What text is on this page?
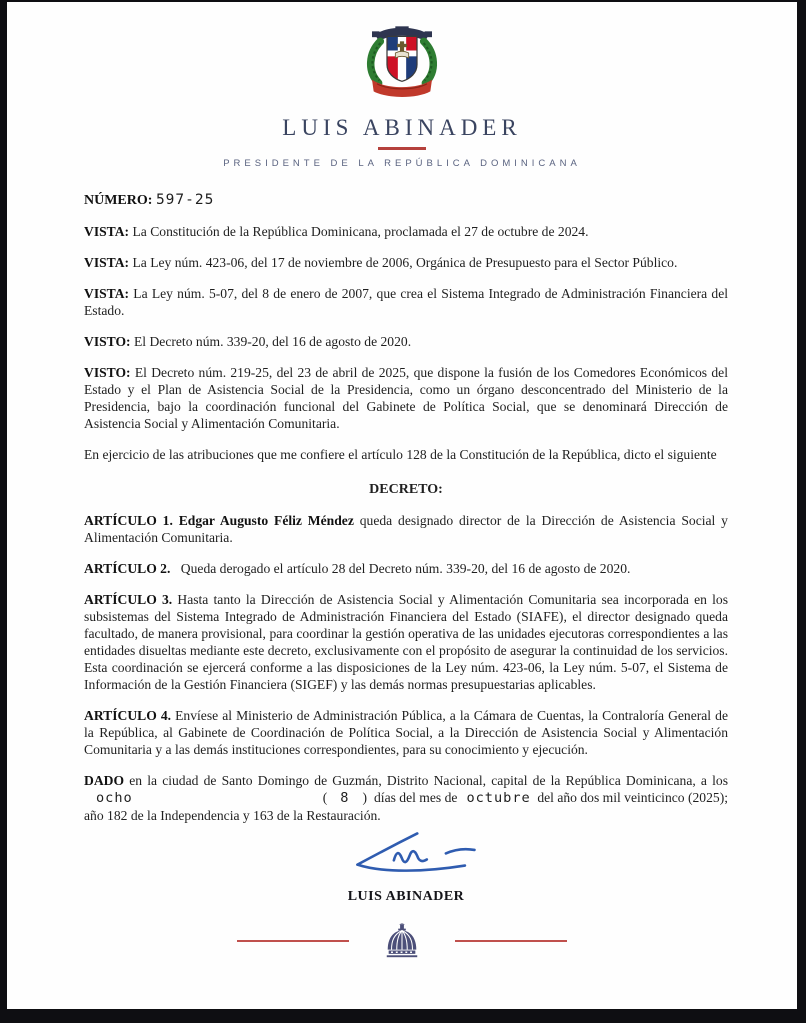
LUIS ABINADER
PRESIDENTE DE LA REPÚBLICA DOMINICANA

NÚMERO: 597-25

VISTA: La Constitución de la República Dominicana, proclamada el 27 de octubre de 2024.

VISTA: La Ley núm. 423-06, del 17 de noviembre de 2006, Orgánica de Presupuesto para el Sector Público.

VISTA: La Ley núm. 5-07, del 8 de enero de 2007, que crea el Sistema Integrado de Administración Financiera del Estado.

VISTO: El Decreto núm. 339-20, del 16 de agosto de 2020.

VISTO: El Decreto núm. 219-25, del 23 de abril de 2025, que dispone la fusión de los Comedores Económicos del Estado y el Plan de Asistencia Social de la Presidencia, como un órgano desconcentrado del Ministerio de la Presidencia, bajo la coordinación funcional del Gabinete de Política Social, que se denominará Dirección de Asistencia Social y Alimentación Comunitaria.

En ejercicio de las atribuciones que me confiere el artículo 128 de la Constitución de la República, dicto el siguiente

DECRETO:

ARTÍCULO 1. Edgar Augusto Féliz Méndez queda designado director de la Dirección de Asistencia Social y Alimentación Comunitaria.

ARTÍCULO 2. Queda derogado el artículo 28 del Decreto núm. 339-20, del 16 de agosto de 2020.

ARTÍCULO 3. Hasta tanto la Dirección de Asistencia Social y Alimentación Comunitaria sea incorporada en los subsistemas del Sistema Integrado de Administración Financiera del Estado (SIAFE), el director designado queda facultado, de manera provisional, para coordinar la gestión operativa de las unidades ejecutoras correspondientes a las entidades disueltas mediante este decreto, exclusivamente con el propósito de asegurar la continuidad de los servicios. Esta coordinación se ejercerá conforme a las disposiciones de la Ley núm. 423-06, la Ley núm. 5-07, el Sistema de Información de la Gestión Financiera (SIGEF) y las demás normas presupuestarias aplicables.

ARTÍCULO 4. Envíese al Ministerio de Administración Pública, a la Cámara de Cuentas, la Contraloría General de la República, al Gabinete de Coordinación de Política Social, a la Dirección de Asistencia Social y Alimentación Comunitaria y a las demás instituciones correspondientes, para su conocimiento y ejecución.

DADO en la ciudad de Santo Domingo de Guzmán, Distrito Nacional, capital de la República Dominicana, a los
ocho	( 8 ) días del mes de octubre del año dos mil veinticinco (2025);
año 182 de la Independencia y 163 de la Restauración.

LUIS ABINADER
